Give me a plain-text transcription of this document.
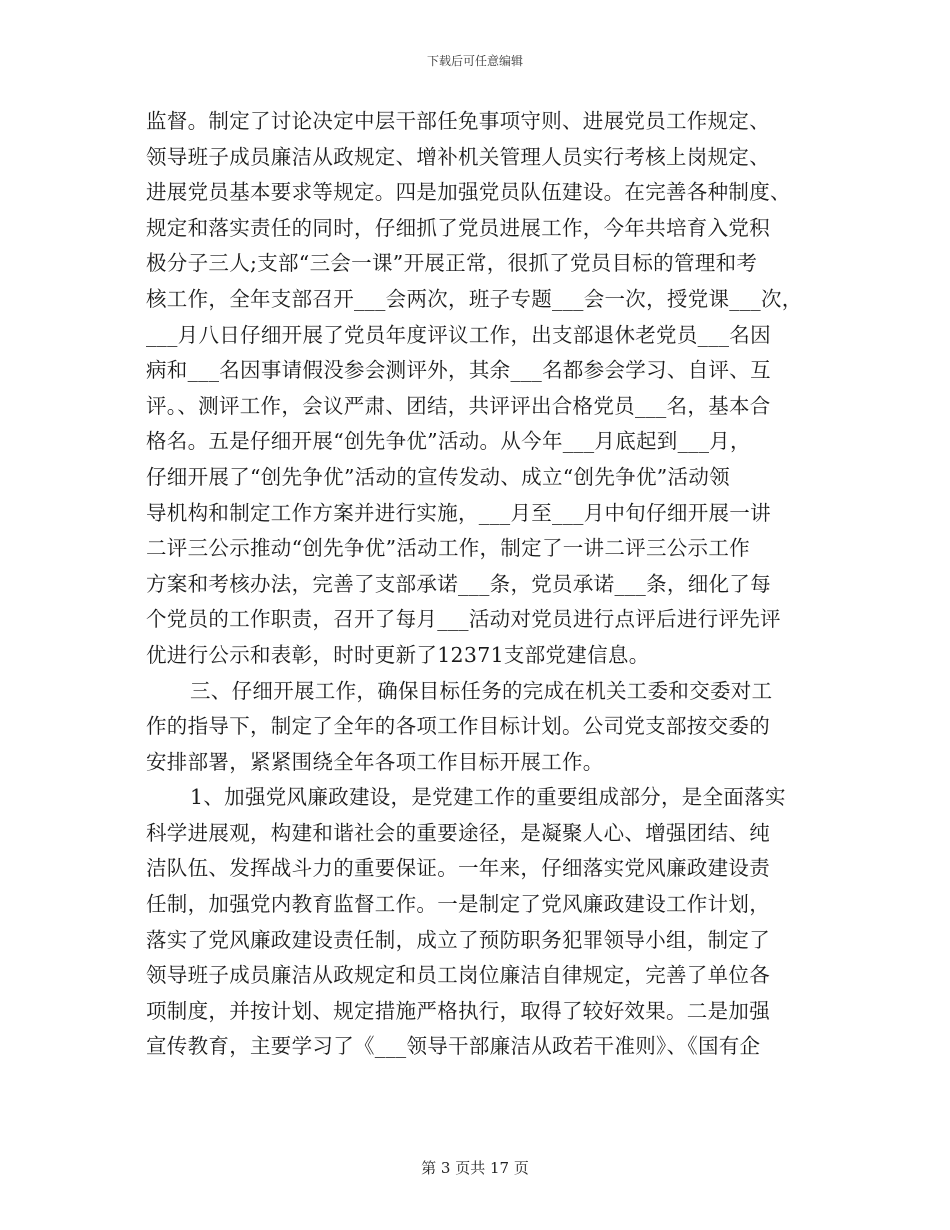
下载后可任意编辑
监督。制定了讨论决定中层干部任免事项守则、进展党员工作规定、
领导班子成员廉洁从政规定、增补机关管理人员实行考核上岗规定、
进展党员基本要求等规定。四是加强党员队伍建设。在完善各种制度、
规定和落实责任的同时，仔细抓了党员进展工作，今年共培育入党积
极分子三人;支部“三会一课”开展正常，很抓了党员目标的管理和考
核工作，全年支部召开___会两次，班子专题___会一次，授党课___次，
___月八日仔细开展了党员年度评议工作，出支部退休老党员___名因
病和___名因事请假没参会测评外，其余___名都参会学习、自评、互
评。、测评工作，会议严肃、团结，共评评出合格党员___名，基本合
格名。五是仔细开展“创先争优”活动。从今年___月底起到___月，
仔细开展了“创先争优”活动的宣传发动、成立“创先争优”活动领
导机构和制定工作方案并进行实施，___月至___月中旬仔细开展一讲
二评三公示推动“创先争优”活动工作，制定了一讲二评三公示工作
方案和考核办法，完善了支部承诺___条，党员承诺___条，细化了每
个党员的工作职责，召开了每月___活动对党员进行点评后进行评先评
优进行公示和表彰，时时更新了12371支部党建信息。
三、仔细开展工作，确保目标任务的完成在机关工委和交委对工
作的指导下，制定了全年的各项工作目标计划。公司党支部按交委的
安排部署，紧紧围绕全年各项工作目标开展工作。
1、加强党风廉政建设，是党建工作的重要组成部分，是全面落实
科学进展观，构建和谐社会的重要途径，是凝聚人心、增强团结、纯
洁队伍、发挥战斗力的重要保证。一年来，仔细落实党风廉政建设责
任制，加强党内教育监督工作。一是制定了党风廉政建设工作计划，
落实了党风廉政建设责任制，成立了预防职务犯罪领导小组，制定了
领导班子成员廉洁从政规定和员工岗位廉洁自律规定，完善了单位各
项制度，并按计划、规定措施严格执行，取得了较好效果。二是加强
宣传教育，主要学习了《___领导干部廉洁从政若干准则》、《国有企
第 3 页共 17 页
